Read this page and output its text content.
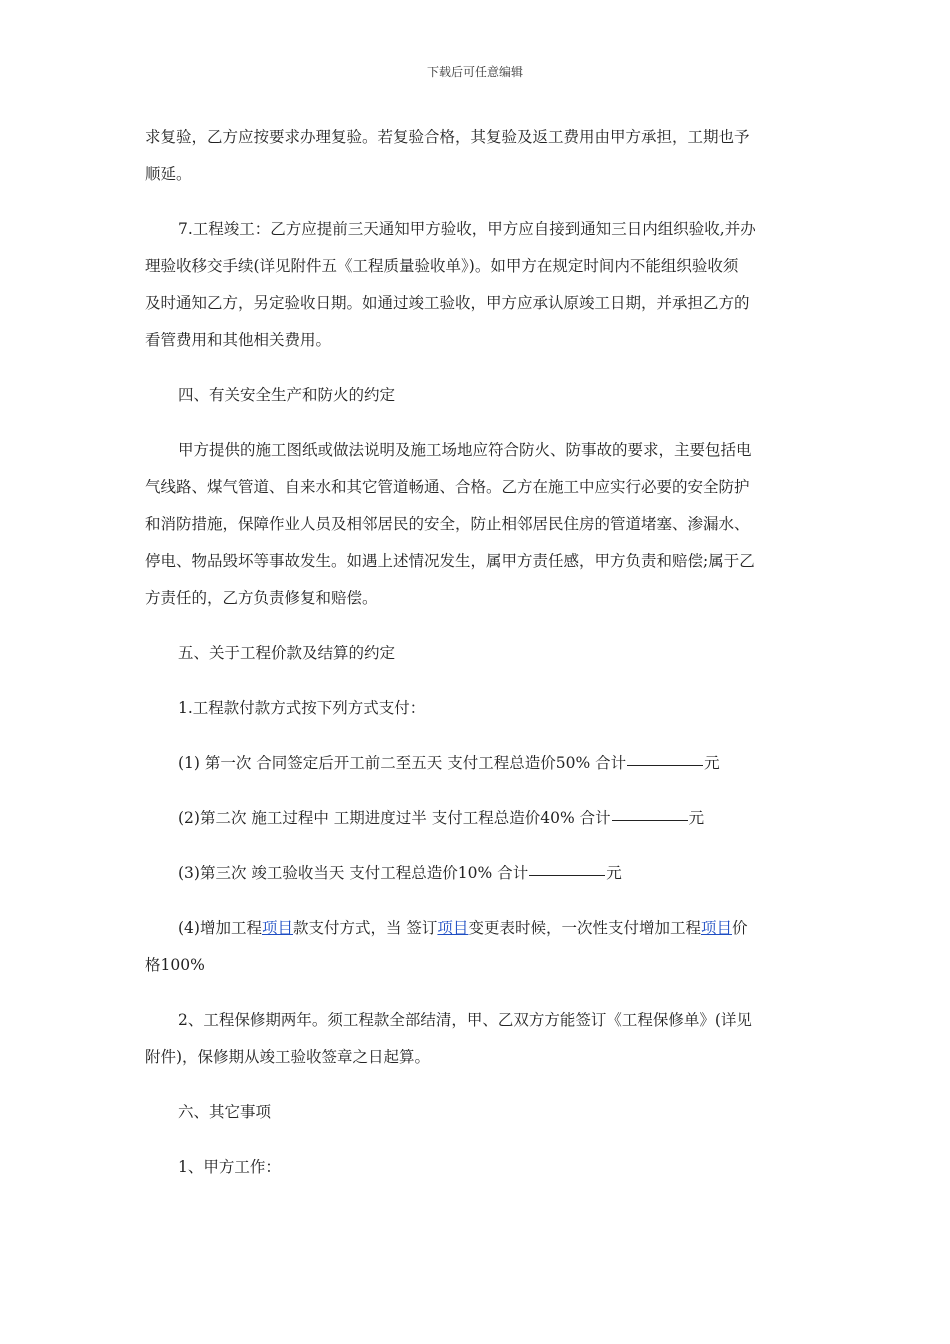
下载后可任意编辑

求复验，乙方应按要求办理复验。若复验合格，其复验及返工费用由甲方承担，工期也予
顺延。

7.工程竣工：乙方应提前三天通知甲方验收，甲方应自接到通知三日内组织验收,并办
理验收移交手续(详见附件五《工程质量验收单》)。如甲方在规定时间内不能组织验收须
及时通知乙方，另定验收日期。如通过竣工验收，甲方应承认原竣工日期，并承担乙方的
看管费用和其他相关费用。

四、有关安全生产和防火的约定

甲方提供的施工图纸或做法说明及施工场地应符合防火、防事故的要求，主要包括电
气线路、煤气管道、自来水和其它管道畅通、合格。乙方在施工中应实行必要的安全防护
和消防措施，保障作业人员及相邻居民的安全，防止相邻居民住房的管道堵塞、渗漏水、
停电、物品毁坏等事故发生。如遇上述情况发生，属甲方责任感，甲方负责和赔偿;属于乙
方责任的，乙方负责修复和赔偿。

五、关于工程价款及结算的约定

1.工程款付款方式按下列方式支付：

(1) 第一次 合同签定后开工前二至五天 支付工程总造价50% 合计	元

(2)第二次 施工过程中 工期进度过半 支付工程总造价40% 合计	元

(3)第三次 竣工验收当天 支付工程总造价10% 合计	元

(4)增加工程项目款支付方式，当 签订项目变更表时候，一次性支付增加工程项目价
格100%

2、工程保修期两年。须工程款全部结清，甲、乙双方方能签订《工程保修单》(详见
附件)，保修期从竣工验收签章之日起算。

六、其它事项

1、甲方工作：
